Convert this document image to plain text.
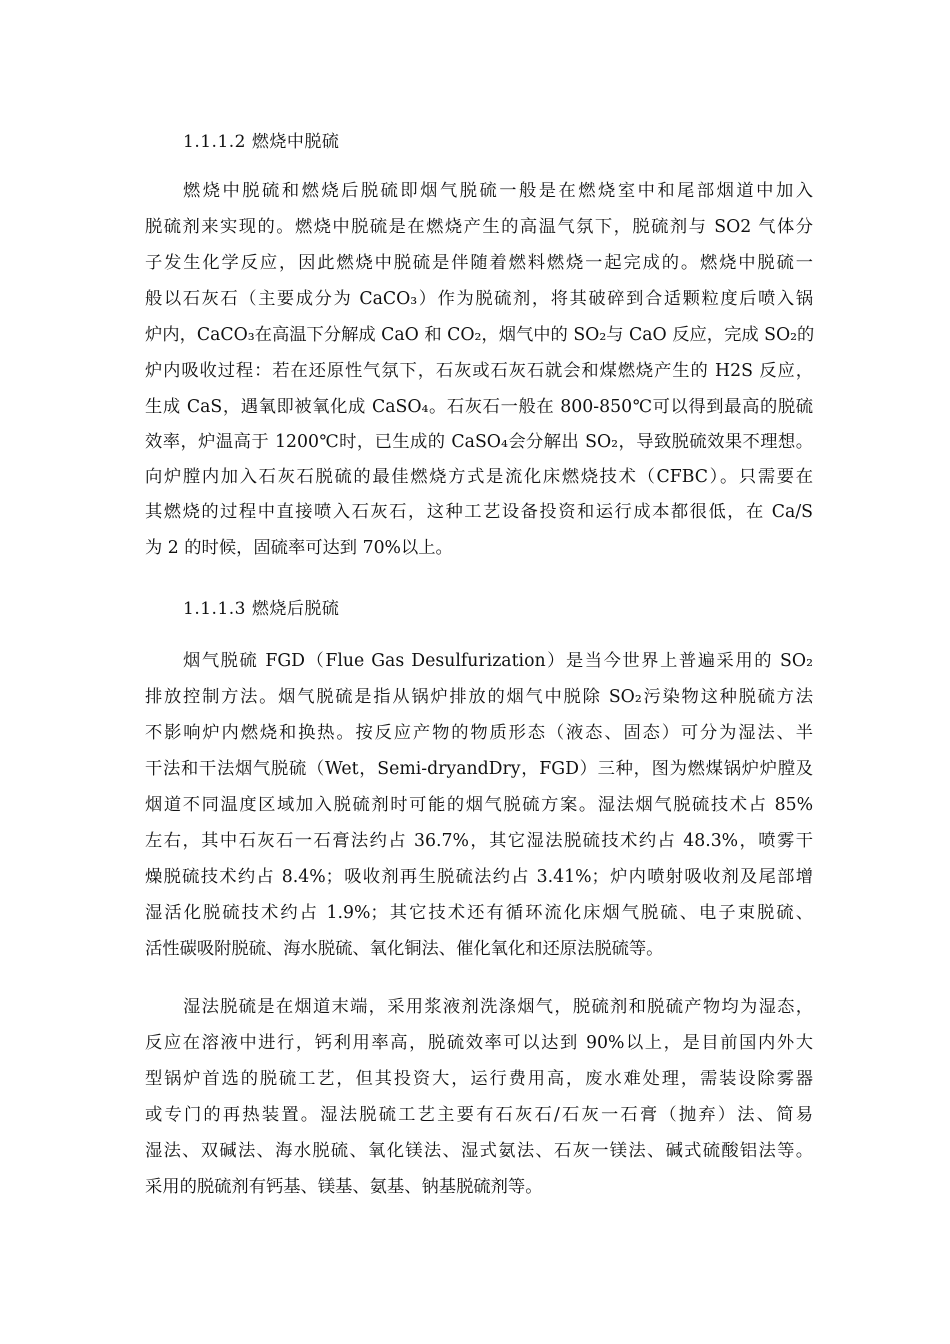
1.1.1.2 燃烧中脱硫
燃烧中脱硫和燃烧后脱硫即烟气脱硫一般是在燃烧室中和尾部烟道中加入
脱硫剂来实现的。燃烧中脱硫是在燃烧产生的高温气氛下，脱硫剂与 SO2 气体分
子发生化学反应，因此燃烧中脱硫是伴随着燃料燃烧一起完成的。燃烧中脱硫一
般以石灰石（主要成分为 CaCO₃）作为脱硫剂，将其破碎到合适颗粒度后喷入锅
炉内，CaCO₃在高温下分解成 CaO 和 CO₂，烟气中的 SO₂与 CaO 反应，完成 SO₂的
炉内吸收过程：若在还原性气氛下，石灰或石灰石就会和煤燃烧产生的 H2S 反应，
生成 CaS，遇氧即被氧化成 CaSO₄。石灰石一般在 800-850℃可以得到最高的脱硫
效率，炉温高于 1200℃时，已生成的 CaSO₄会分解出 SO₂，导致脱硫效果不理想。
向炉膛内加入石灰石脱硫的最佳燃烧方式是流化床燃烧技术（CFBC）。只需要在
其燃烧的过程中直接喷入石灰石，这种工艺设备投资和运行成本都很低，在 Ca/S
为 2 的时候，固硫率可达到 70%以上。
1.1.1.3 燃烧后脱硫
烟气脱硫 FGD（Flue Gas Desulfurization）是当今世界上普遍采用的 SO₂
排放控制方法。烟气脱硫是指从锅炉排放的烟气中脱除 SO₂污染物这种脱硫方法
不影响炉内燃烧和换热。按反应产物的物质形态（液态、固态）可分为湿法、半
干法和干法烟气脱硫（Wet，Semi-dryandDry，FGD）三种，图为燃煤锅炉炉膛及
烟道不同温度区域加入脱硫剂时可能的烟气脱硫方案。湿法烟气脱硫技术占 85%
左右，其中石灰石一石膏法约占 36.7%，其它湿法脱硫技术约占 48.3%，喷雾干
燥脱硫技术约占 8.4%；吸收剂再生脱硫法约占 3.41%；炉内喷射吸收剂及尾部增
湿活化脱硫技术约占 1.9%；其它技术还有循环流化床烟气脱硫、电子束脱硫、
活性碳吸附脱硫、海水脱硫、氧化铜法、催化氧化和还原法脱硫等。
湿法脱硫是在烟道末端，采用浆液剂洗涤烟气，脱硫剂和脱硫产物均为湿态，
反应在溶液中进行，钙利用率高，脱硫效率可以达到 90%以上，是目前国内外大
型锅炉首选的脱硫工艺，但其投资大，运行费用高，废水难处理，需装设除雾器
或专门的再热装置。湿法脱硫工艺主要有石灰石/石灰一石膏（抛弃）法、简易
湿法、双碱法、海水脱硫、氧化镁法、湿式氨法、石灰一镁法、碱式硫酸铝法等。
采用的脱硫剂有钙基、镁基、氨基、钠基脱硫剂等。
